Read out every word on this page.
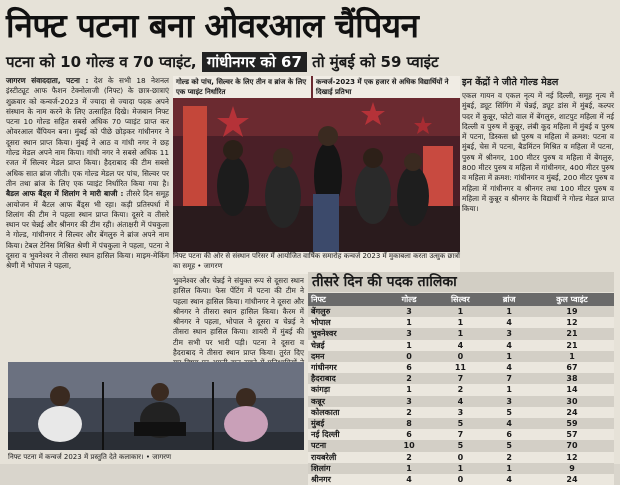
निफ्ट पटना बना ओवरआल चैंपियन
पटना को 10 गोल्ड व 70 प्वाइंट, गांधीनगर को 67 तो मुंबई को 59 प्वाइंट
जागरण संवाददाता, पटना : देश के सभी 18 नेशनल इंस्टीट्यूट आफ फैशन टेक्नोलाजी (निफ्ट) के छात्र-छात्राएं शुक्रवार को कन्वर्ज-2023 में ज्यादा से ज्यादा पदक अपने संस्थान के नाम करने के लिए उत्साहित दिखे। मेजबान निफ्ट पटना 10 गोल्ड सहित सबसे अधिक 70 प्वाइंट प्राप्त कर ओवरआल चैंपियन बना। मुंबई को पीछे छोड़कर गांधीनगर ने दूसरा स्थान प्राप्त किया। मुंबई ने आठ व गांधी नगर ने छह गोल्ड मेडल अपने नाम किया। गांधी नगर ने सबसे अधिक 11 रजत में सिल्वर मेडल प्राप्त किया। हैदराबाद की टीम सबसे अधिक सात ब्रांज जीती। एक गोल्ड मेडल पर पांच, सिल्वर पर तीन तथा ब्रांज के लिए एक प्वाइंट निर्धारित किया गया है। बैडल आफ बैंड्स में शिलांग ने मारी बाजी : तीसरे दिन समूह आयोजन में बैटल आफ बैंड्स भी रहा। कड़ी प्रतिस्पर्धा में शिलांग की टीम ने पहला स्थान प्राप्त किया। दूसरे व तीसरे स्थान पर चेन्नई और श्रीनगर की टीम रही। अंताक्षरी में पंचकुला ने गोल्ड, गांधीनगर ने सिल्वर और बेंगलुरु ने ब्रांज अपने नाम किया। टेबल टेनिस मिश्रित श्रेणी में पंचकुला ने पहला, पटना ने दूसरा व भुवनेश्वर ने तीसरा स्थान हासिल किया। माइम-मेकिंग श्रेणी में भोपाल ने पहला,
गोल्ड को पांच, सिल्वर के लिए तीन व ब्रांज के लिए एक प्वाइंट निर्धारित
कन्वर्ज-2023 में एक हजार से अधिक विद्यार्थियों ने दिखाई प्रतिभा
निफ्ट पटना की ओर से संस्थान परिसर में आयोजित वार्षिक समारोह कन्वर्ज 2023 में मुकाबला करता उत्सुक छात्रों का समूह • जागरण
भुवनेश्वर और चेन्नई ने संयुक्त रूप से दूसरा स्थान हासिल किया। फेस पेंटिंग में पटना की टीम ने पहला स्थान हासिल किया। गांधीनगर ने दूसरा और श्रीनगर ने तीसरा स्थान हासिल किया। कैरम में श्रीनगर ने पहला, भोपाल ने दूसरा व चेन्नई ने तीसरा स्थान हासिल किया। शायरी में मुंबई की टीम सभी पर भारी पड़ी। पटना ने दूसरा व हैदराबाद ने तीसरा स्थान प्राप्त किया। तुरंत दिए
इन केंद्रों ने जीते गोल्ड मेडल
एकल गायन व एकल नृत्य में नई दिल्ली, समूह नृत्य में मुंबई, ड्यूट सिंगिंग में चेन्नई, ड्यूट डांस में मुंबई, कल्पर पदर में कुन्नूर, फोटो वाल में बेंगलुरु, शाटपुट महिला में नई दिल्ली व पुरुष में कुन्नूर, लंबी कूद महिला में मुंबई व पुरुष में पटना, डिस्कस थ्रो पुरुष व महिला में क्रमश: पटना व मुंबई, चेस में पटना, बैडमिंटन मिश्रित व महिला में पटना, पुरुष में श्रीनगर, 100 मीटर पुरुष व महिला में बेंगलुरु, 800 मीटर पुरुष व महिला में गांधीनगर, 400 मीटर पुरुष व महिला में क्रमश: गांधीनगर व मुंबई, 200 मीटर पुरुष व महिला में गांधीनगर व श्रीनगर तथा 100 मीटर पुरुष व महिला में कुन्नूर व श्रीनगर के विद्यार्थी ने गोल्ड मेडल प्राप्त किया।
निफ्ट पटना में कन्वर्ज 2023 में प्रस्तुति देते कलाकार। • जागरण
तीसरे दिन की पदक तालिका
निफ्ट	गोल्ड	सिल्वर	ब्रांज	कुल प्वाइंट
बेंगलुरु	3	1	1	19
भोपाल	1	1	4	12
भुवनेश्वर	3	1	3	21
चेन्नई	1	4	4	21
दमन	0	0	1	1
गांधीनगर	6	11	4	67
हैदराबाद	2	7	7	38
कांगड़ा	1	2	1	14
कन्नूर	3	4	3	30
कोलकाता	2	3	5	24
मुंबई	8	5	4	59
नई दिल्ली	6	7	6	57
पटना	10	5	5	70
रायबरेली	2	0	2	12
शिलांग	1	1	1	9
श्रीनगर	4	0	4	24
